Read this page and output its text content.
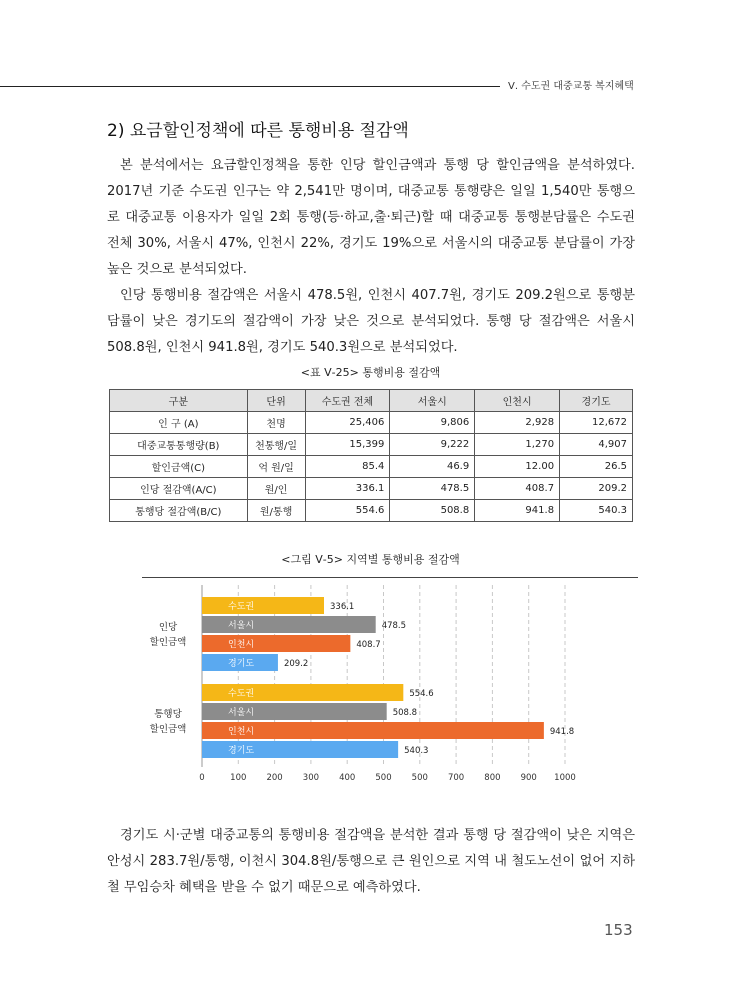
Ⅴ. 수도권 대중교통 복지혜택
2) 요금할인정책에 따른 통행비용 절감액

본 분석에서는 요금할인정책을 통한 인당 할인금액과 통행 당 할인금액을 분석하였다. 2017년 기준 수도권 인구는 약 2,541만 명이며, 대중교통 통행량은 일일 1,540만 통행으로 대중교통 이용자가 일일 2회 통행(등·하교,출·퇴근)할 때 대중교통 통행분담률은 수도권 전체 30%, 서울시 47%, 인천시 22%, 경기도 19%으로 서울시의 대중교통 분담률이 가장 높은 것으로 분석되었다.

인당 통행비용 절감액은 서울시 478.5원, 인천시 407.7원, 경기도 209.2원으로 통행분담률이 낮은 경기도의 절감액이 가장 낮은 것으로 분석되었다. 통행 당 절감액은 서울시 508.8원, 인천시 941.8원, 경기도 540.3원으로 분석되었다.

<표 Ⅴ-25> 통행비용 절감액
구분	단위	수도권 전체	서울시	인천시	경기도
인 구 (A)	천명	25,406	9,806	2,928	12,672
대중교통통행량(B)	천통행/일	15,399	9,222	1,270	4,907
할인금액(C)	억 원/일	85.4	46.9	12.00	26.5
인당 절감액(A/C)	원/인	336.1	478.5	408.7	209.2
통행당 절감액(B/C)	원/통행	554.6	508.8	941.8	540.3
<그림 Ⅴ-5> 지역별 통행비용 절감액
0	100 200 300 400 500 500 700 800 900 1000
수도권	336.1
서울시	478.5
인천시	408.7
경기도	209.2
인당
할인금액
수도권	554.6
서울시	508.8
인천시	941.8
경기도	540.3
통행당
할인금액

경기도 시·군별 대중교통의 통행비용 절감액을 분석한 결과 통행 당 절감액이 낮은 지역은 안성시 283.7원/통행, 이천시 304.8원/통행으로 큰 원인으로 지역 내 철도노선이 없어 지하철 무임승차 혜택을 받을 수 없기 때문으로 예측하였다.

153
